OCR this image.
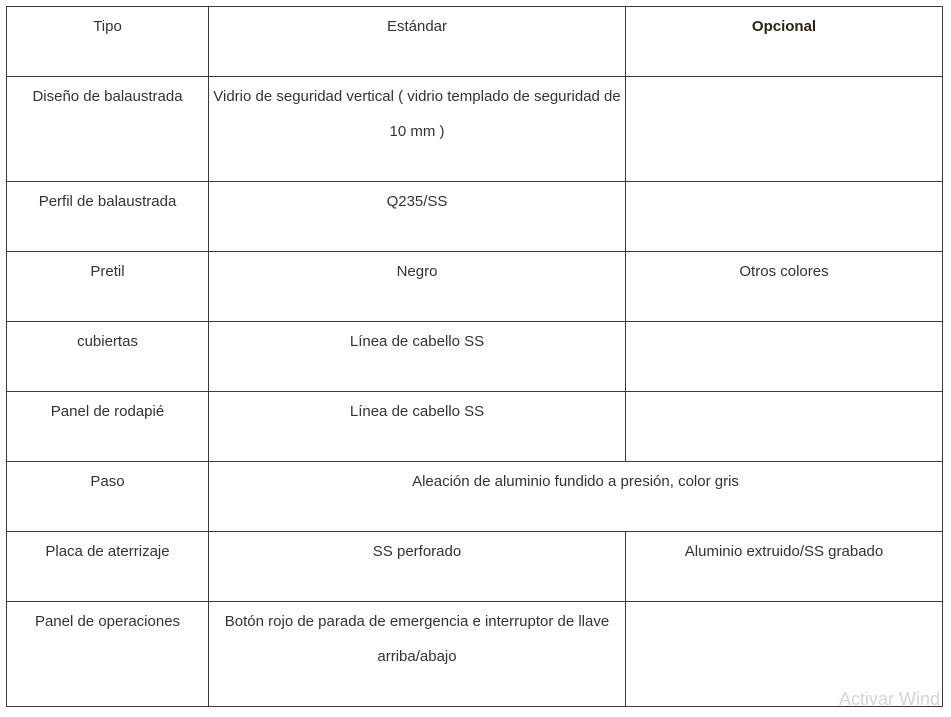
Tipo	Estándar	Opcional

Diseño de balaustrada	Vidrio de seguridad vertical ( vidrio templado de seguridad de 10 mm )	

Perfil de balaustrada	Q235/SS	

Pretil	Negro	Otros colores

cubiertas	Línea de cabello SS	

Panel de rodapié	Línea de cabello SS	

Paso	Aleación de aluminio fundido a presión, color gris	

Placa de aterrizaje	SS perforado	Aluminio extruido/SS grabado

Panel de operaciones	Botón rojo de parada de emergencia e interruptor de llave arriba/abajo	

Activar Wind
